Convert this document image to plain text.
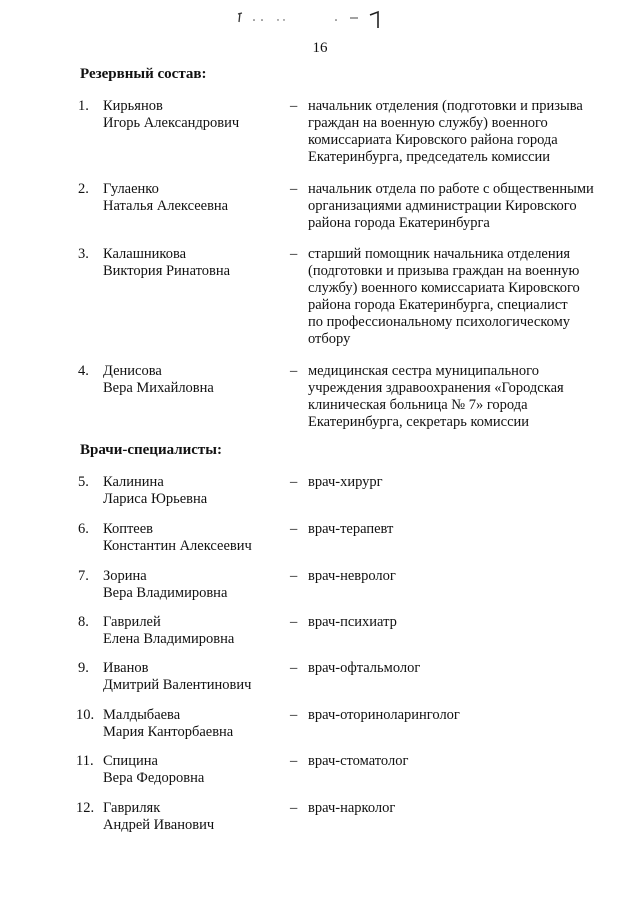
16
Резервный состав:
1. Кирьянов
Игорь Александрович
– начальник отделения (подготовки и призыва
граждан на военную службу) военного
комиссариата Кировского района города
Екатеринбурга, председатель комиссии
2. Гулаенко
Наталья Алексеевна
– начальник отдела по работе с общественными
организациями администрации Кировского
района города Екатеринбурга
3. Калашникова
Виктория Ринатовна
– старший помощник начальника отделения
(подготовки и призыва граждан на военную
службу) военного комиссариата Кировского
района города Екатеринбурга, специалист
по профессиональному психологическому
отбору
4. Денисова
Вера Михайловна
– медицинская сестра муниципального
учреждения здравоохранения «Городская
клиническая больница № 7» города
Екатеринбурга, секретарь комиссии
Врачи-специалисты:
5. Калинина
Лариса Юрьевна
– врач-хирург
6. Коптеев
Константин Алексеевич
– врач-терапевт
7. Зорина
Вера Владимировна
– врач-невролог
8. Гаврилей
Елена Владимировна
– врач-психиатр
9. Иванов
Дмитрий Валентинович
– врач-офтальмолог
10. Малдыбаева
Мария Канторбаевна
– врач-оториноларинголог
11. Спицина
Вера Федоровна
– врач-стоматолог
12. Гавриляк
Андрей Иванович
– врач-нарколог
